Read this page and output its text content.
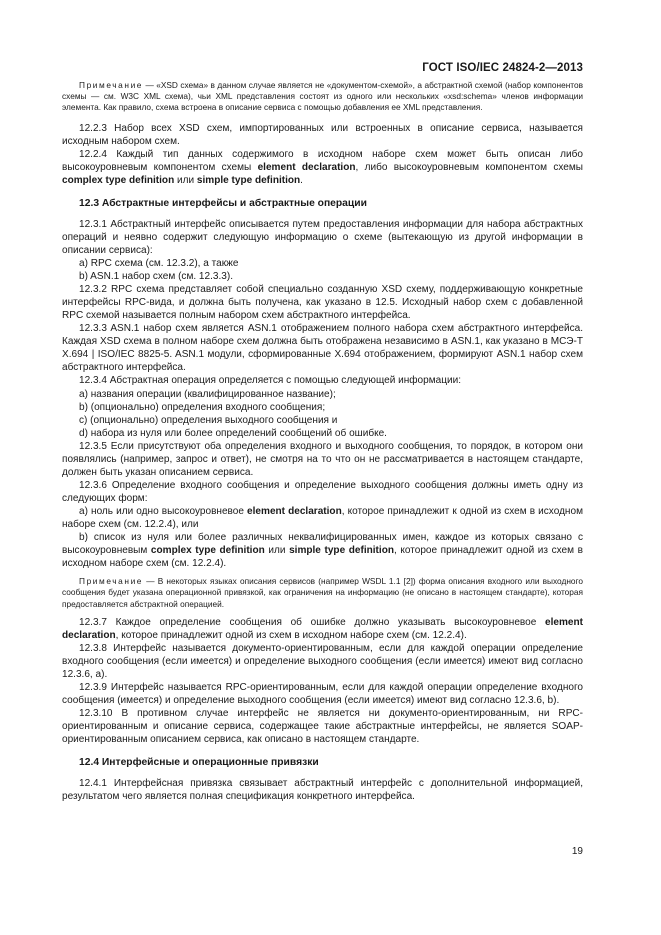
ГОСТ ISO/IEC 24824-2—2013

Примечание — «XSD схема» в данном случае является не «документом-схемой», а абстрактной схемой (набор компонентов схемы — см. W3C XML схема), чьи XML представления состоят из одного или нескольких «xsd:schema» членов информации элемента. Как правило, схема встроена в описание сервиса с помощью добавления ее XML представления.

12.2.3 Набор всех XSD схем, импортированных или встроенных в описание сервиса, называется исходным набором схем.

12.2.4 Каждый тип данных содержимого в исходном наборе схем может быть описан либо высокоуровневым компонентом схемы element declaration, либо высокоуровневым компонентом схемы complex type definition или simple type definition.

12.3 Абстрактные интерфейсы и абстрактные операции

12.3.1 Абстрактный интерфейс описывается путем предоставления информации для набора абстрактных операций и неявно содержит следующую информацию о схеме (вытекающую из другой информации в описании сервиса):

a) RPC схема (см. 12.3.2), а также

b) ASN.1 набор схем (см. 12.3.3).

12.3.2 RPC схема представляет собой специально созданную XSD схему, поддерживающую конкретные интерфейсы RPC-вида, и должна быть получена, как указано в 12.5. Исходный набор схем с добавленной RPC схемой называется полным набором схем абстрактного интерфейса.

12.3.3 ASN.1 набор схем является ASN.1 отображением полного набора схем абстрактного интерфейса. Каждая XSD схема в полном наборе схем должна быть отображена независимо в ASN.1, как указано в МСЭ-Т X.694 | ISO/IEC 8825-5. ASN.1 модули, сформированные X.694 отображением, формируют ASN.1 набор схем абстрактного интерфейса.

12.3.4 Абстрактная операция определяется с помощью следующей информации:

a) названия операции (квалифицированное название);

b) (опционально) определения входного сообщения;

c) (опционально) определения выходного сообщения и

d) набора из нуля или более определений сообщений об ошибке.

12.3.5 Если присутствуют оба определения входного и выходного сообщения, то порядок, в котором они появлялись (например, запрос и ответ), не смотря на то что он не рассматривается в настоящем стандарте, должен быть указан описанием сервиса.

12.3.6 Определение входного сообщения и определение выходного сообщения должны иметь одну из следующих форм:

a) ноль или одно высокоуровневое element declaration, которое принадлежит к одной из схем в исходном наборе схем (см. 12.2.4), или

b) список из нуля или более различных неквалифицированных имен, каждое из которых связано с высокоуровневым complex type definition или simple type definition, которое принадлежит одной из схем в исходном наборе схем (см. 12.2.4).

Примечание — В некоторых языках описания сервисов (например WSDL 1.1 [2]) форма описания входного или выходного сообщения будет указана операционной привязкой, как ограничения на информацию (не описано в настоящем стандарте), которая предоставляется абстрактной операцией.

12.3.7 Каждое определение сообщения об ошибке должно указывать высокоуровневое element declaration, которое принадлежит одной из схем в исходном наборе схем (см. 12.2.4).

12.3.8 Интерфейс называется документо-ориентированным, если для каждой операции определение входного сообщения (если имеется) и определение выходного сообщения (если имеется) имеют вид согласно 12.3.6, a).

12.3.9 Интерфейс называется RPC-ориентированным, если для каждой операции определение входного сообщения (имеется) и определение выходного сообщения (если имеется) имеют вид согласно 12.3.6, b).

12.3.10 В противном случае интерфейс не является ни документо-ориентированным, ни RPC-ориентированным и описание сервиса, содержащее такие абстрактные интерфейсы, не является SOAP-ориентированным описанием сервиса, как описано в настоящем стандарте.

12.4 Интерфейсные и операционные привязки

12.4.1 Интерфейсная привязка связывает абстрактный интерфейс с дополнительной информацией, результатом чего является полная спецификация конкретного интерфейса.

19
